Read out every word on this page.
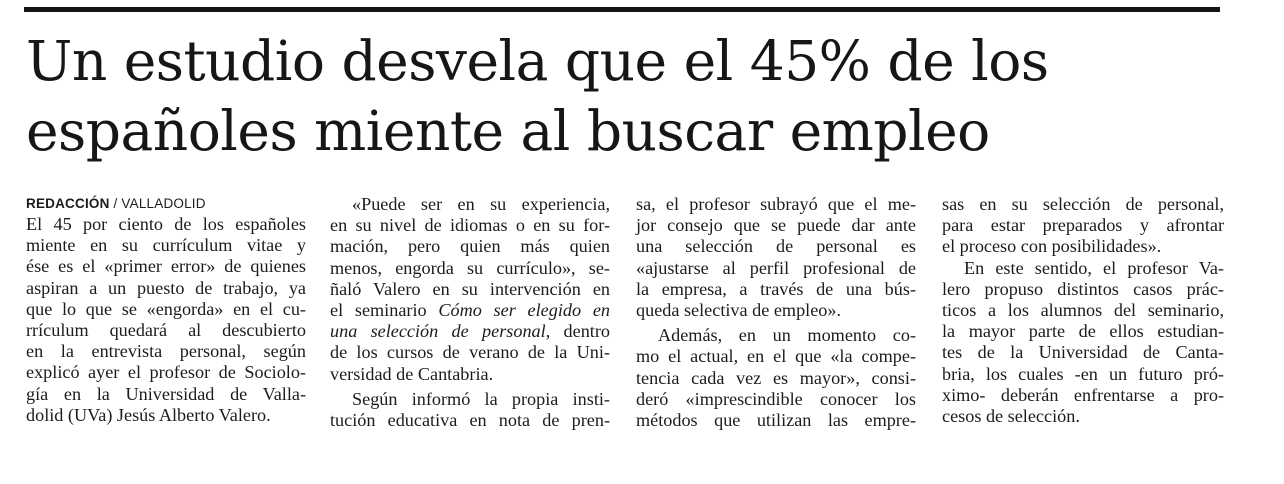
Un estudio desvela que el 45% de los
españoles miente al buscar empleo
REDACCIÓN / VALLADOLID
El 45 por ciento de los españoles
miente en su currículum vitae y
ése es el «primer error» de quienes
aspiran a un puesto de trabajo, ya
que lo que se «engorda» en el cu-
rrículum quedará al descubierto
en la entrevista personal, según
explicó ayer el profesor de Sociolo-
gía en la Universidad de Valla-
dolid (UVa) Jesús Alberto Valero.
«Puede ser en su experiencia,
en su nivel de idiomas o en su for-
mación, pero quien más quien
menos, engorda su currículo», se-
ñaló Valero en su intervención en
el seminario Cómo ser elegido en
una selección de personal, dentro
de los cursos de verano de la Uni-
versidad de Cantabria.
Según informó la propia insti-
tución educativa en nota de pren-
sa, el profesor subrayó que el me-
jor consejo que se puede dar ante
una selección de personal es
«ajustarse al perfil profesional de
la empresa, a través de una bús-
queda selectiva de empleo».
Además, en un momento co-
mo el actual, en el que «la compe-
tencia cada vez es mayor», consi-
deró «imprescindible conocer los
métodos que utilizan las empre-
sas en su selección de personal,
para estar preparados y afrontar
el proceso con posibilidades».
En este sentido, el profesor Va-
lero propuso distintos casos prác-
ticos a los alumnos del seminario,
la mayor parte de ellos estudian-
tes de la Universidad de Canta-
bria, los cuales -en un futuro pró-
ximo- deberán enfrentarse a pro-
cesos de selección.
